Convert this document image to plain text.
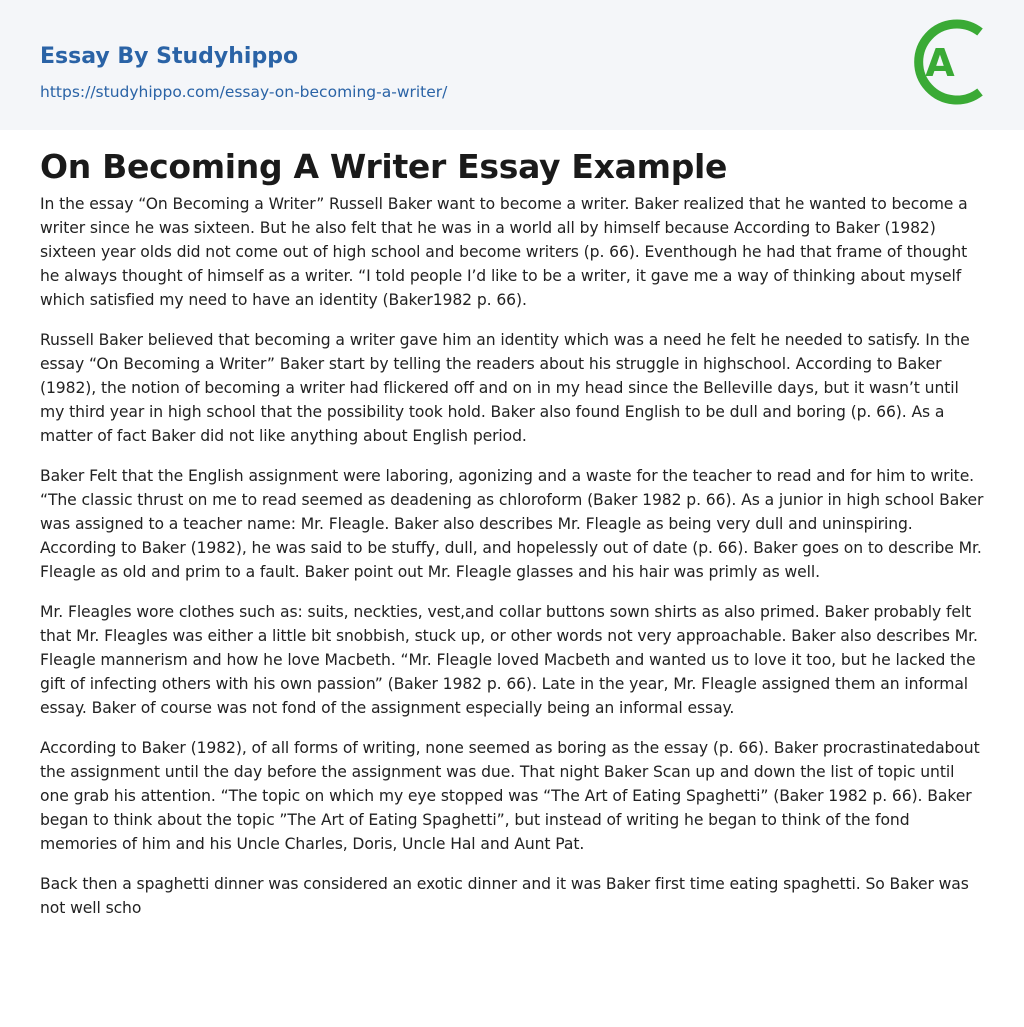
Essay By Studyhippo
https://studyhippo.com/essay-on-becoming-a-writer/
A
On Becoming A Writer Essay Example

In the essay “On Becoming a Writer” Russell Baker want to become a writer. Baker realized that he wanted to become a writer since he was sixteen. But he also felt that he was in a world all by himself because According to Baker (1982) sixteen year olds did not come out of high school and become writers (p. 66). Eventhough he had that frame of thought he always thought of himself as a writer. “I told people I’d like to be a writer, it gave me a way of thinking about myself which satisfied my need to have an identity (Baker1982 p. 66).

Russell Baker believed that becoming a writer gave him an identity which was a need he felt he needed to satisfy. In the essay “On Becoming a Writer” Baker start by telling the readers about his struggle in highschool. According to Baker (1982), the notion of becoming a writer had flickered off and on in my head since the Belleville days, but it wasn’t until my third year in high school that the possibility took hold. Baker also found English to be dull and boring (p. 66). As a matter of fact Baker did not like anything about English period.

Baker Felt that the English assignment were laboring, agonizing and a waste for the teacher to read and for him to write. “The classic thrust on me to read seemed as deadening as chloroform (Baker 1982 p. 66). As a junior in high school Baker was assigned to a teacher name: Mr. Fleagle. Baker also describes Mr. Fleagle as being very dull and uninspiring. According to Baker (1982), he was said to be stuffy, dull, and hopelessly out of date (p. 66). Baker goes on to describe Mr. Fleagle as old and prim to a fault. Baker point out Mr. Fleagle glasses and his hair was primly as well.

Mr. Fleagles wore clothes such as: suits, neckties, vest,and collar buttons sown shirts as also primed. Baker probably felt that Mr. Fleagles was either a little bit snobbish, stuck up, or other words not very approachable. Baker also describes Mr. Fleagle mannerism and how he love Macbeth. “Mr. Fleagle loved Macbeth and wanted us to love it too, but he lacked the gift of infecting others with his own passion” (Baker 1982 p. 66). Late in the year, Mr. Fleagle assigned them an informal essay. Baker of course was not fond of the assignment especially being an informal essay.

According to Baker (1982), of all forms of writing, none seemed as boring as the essay (p. 66). Baker procrastinatedabout the assignment until the day before the assignment was due. That night Baker Scan up and down the list of topic until one grab his attention. “The topic on which my eye stopped was “The Art of Eating Spaghetti” (Baker 1982 p. 66). Baker began to think about the topic ”The Art of Eating Spaghetti”, but instead of writing he began to think of the fond memories of him and his Uncle Charles, Doris, Uncle Hal and Aunt Pat.

Back then a spaghetti dinner was considered an exotic dinner and it was Baker first time eating spaghetti. So Baker was not well scho
